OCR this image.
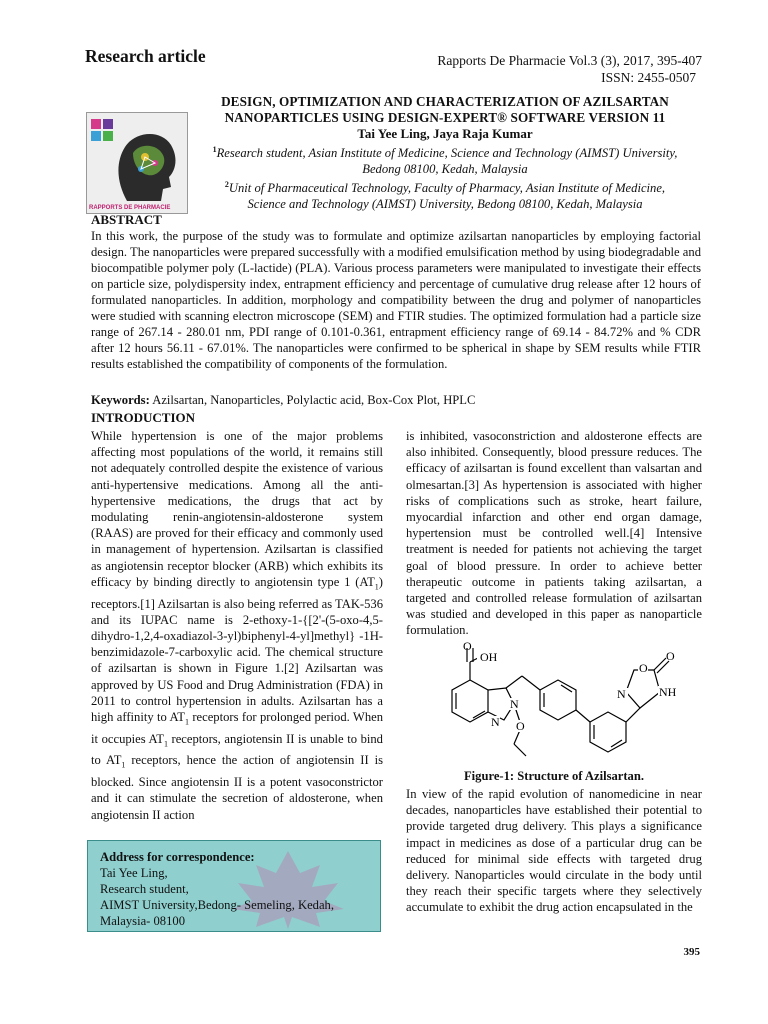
Research article	Rapports De Pharmacie Vol.3 (3), 2017, 395-407
ISSN: 2455-0507
RAPPORTS DE PHARMACIE
DESIGN, OPTIMIZATION AND CHARACTERIZATION OF AZILSARTAN
NANOPARTICLES USING DESIGN-EXPERT® SOFTWARE VERSION 11
Tai Yee Ling, Jaya Raja Kumar
$^1$Research student, Asian Institute of Medicine, Science and Technology (AIMST) University,
Bedong 08100, Kedah, Malaysia
$^2$Unit of Pharmaceutical Technology, Faculty of Pharmacy, Asian Institute of Medicine,
Science and Technology (AIMST) University, Bedong 08100, Kedah, Malaysia
ABSTRACT
In this work, the purpose of the study was to formulate and optimize azilsartan nanoparticles by employing factorial design. The nanoparticles were prepared successfully with a modified emulsification method by using biodegradable and biocompatible polymer poly (L-lactide) (PLA). Various process parameters were manipulated to investigate their effects on particle size, polydispersity index, entrapment efficiency and percentage of cumulative drug release after 12 hours of formulated nanoparticles. In addition, morphology and compatibility between the drug and polymer of nanoparticles were studied with scanning electron microscope (SEM) and FTIR studies. The optimized formulation had a particle size range of 267.14 - 280.01 nm, PDI range of 0.101-0.361, entrapment efficiency range of 69.14 - 84.72% and % CDR after 12 hours 56.11 - 67.01%. The nanoparticles were confirmed to be spherical in shape by SEM results while FTIR results established the compatibility of components of the formulation.
Keywords: Azilsartan, Nanoparticles, Polylactic acid, Box-Cox Plot, HPLC
INTRODUCTION
While hypertension is one of the major problems affecting most populations of the world, it remains still not adequately controlled despite the existence of various anti-hypertensive medications. Among all the anti-hypertensive medications, the drugs that act by modulating renin-angiotensin-aldosterone system (RAAS) are proved for their efficacy and commonly used in management of hypertension. Azilsartan is classified as angiotensin receptor blocker (ARB) which exhibits its efficacy by binding directly to angiotensin type 1 $(AT_1)$ receptors.[1] Azilsartan is also being referred as TAK-536 and its IUPAC name is 2-ethoxy-1-{[2'-(5-oxo-4,5-dihydro-1,2,4-oxadiazol-3-yl)biphenyl-4-yl]methyl} -1H-benzimidazole-7-carboxylic acid. The chemical structure of azilsartan is shown in Figure 1.[2] Azilsartan was approved by US Food and Drug Administration (FDA) in 2011 to control hypertension in adults. Azilsartan has a high affinity to $AT_1$ receptors for prolonged period. When it occupies $AT_1$ receptors, angiotensin II is unable to bind to $AT_1$ receptors, hence the action of angiotensin II is blocked. Since angiotensin II is a potent vasoconstrictor and it can stimulate the secretion of aldosterone, when angiotensin II action
is inhibited, vasoconstriction and aldosterone effects are also inhibited. Consequently, blood pressure reduces. The efficacy of azilsartan is found excellent than valsartan and olmesartan.[3] As hypertension is associated with higher risks of complications such as stroke, heart failure, myocardial infarction and other end organ damage, hypertension must be controlled well.[4] Intensive treatment is needed for patients not achieving the target goal of blood pressure. In order to achieve better therapeutic outcome in patients taking azilsartan, a targeted and controlled release formulation of azilsartan was studied and developed in this paper as nanoparticle formulation.
O
OH
N
N O
O
O
N	NH
Figure-1: Structure of Azilsartan.
In view of the rapid evolution of nanomedicine in near decades, nanoparticles have established their potential to provide targeted drug delivery. This plays a significance impact in medicines as dose of a particular drug can be reduced for minimal side effects with targeted drug delivery. Nanoparticles would circulate in the body until they reach their specific targets where they selectively accumulate to exhibit the drug action encapsulated in the
Address for correspondence:
Tai Yee Ling,
Research student,
AIMST University,Bedong- Semeling, Kedah,
Malaysia- 08100
395
